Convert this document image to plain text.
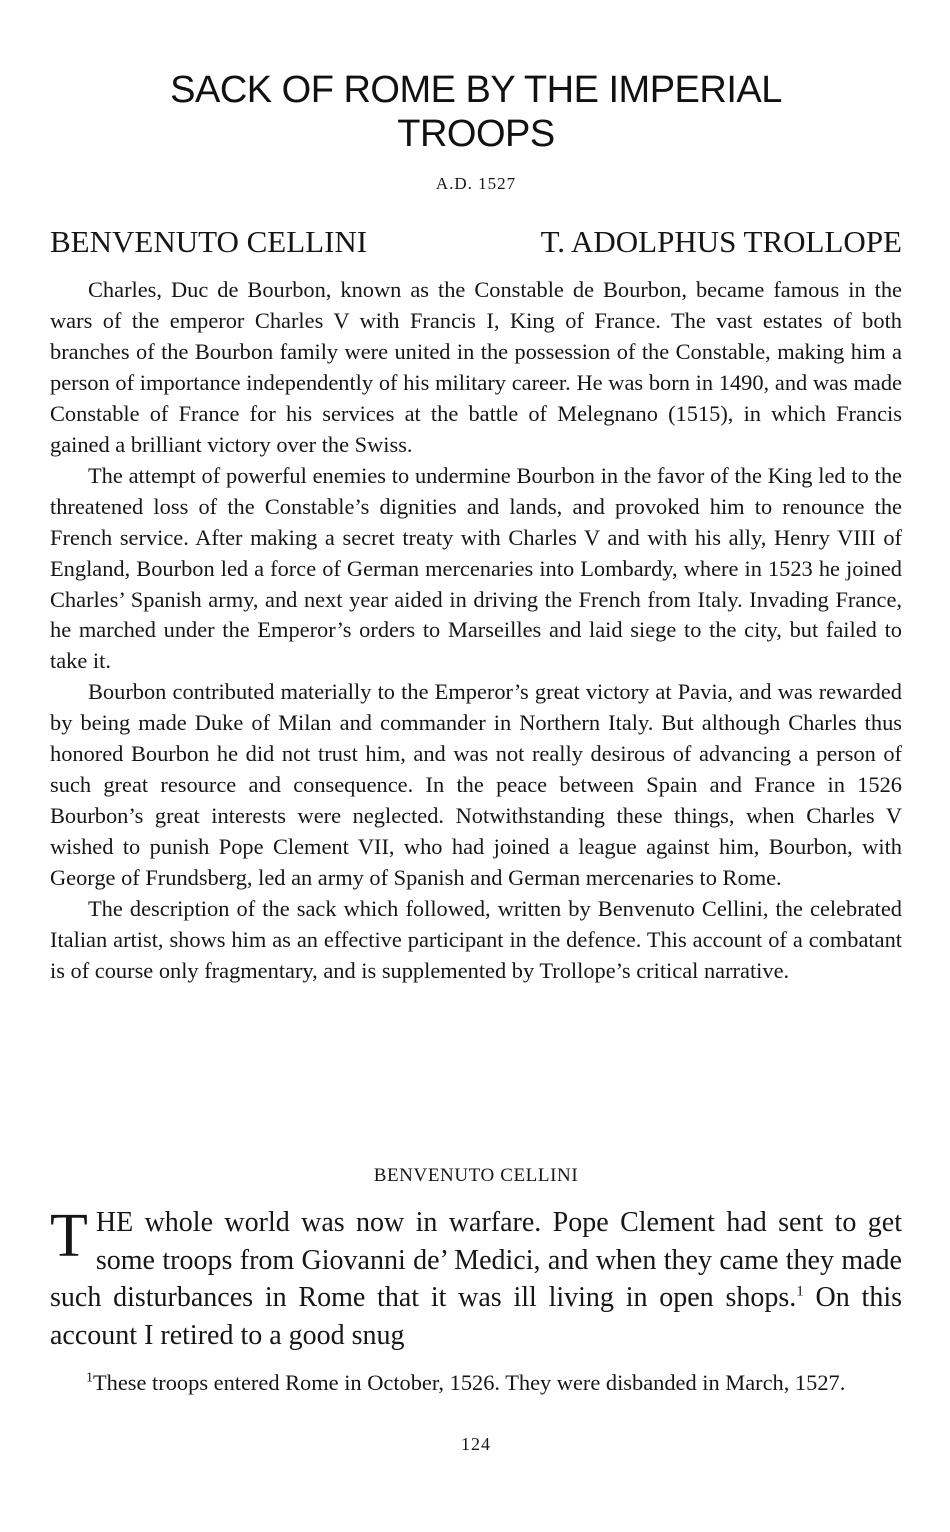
SACK OF ROME BY THE IMPERIAL
TROOPS
A.D. 1527
BENVENUTO CELLINI	T. ADOLPHUS TROLLOPE

Charles, Duc de Bourbon, known as the Constable de Bourbon, became famous in the wars of the emperor Charles V with Francis I, King of France. The vast estates of both branches of the Bourbon family were united in the possession of the Constable, making him a person of importance independently of his military career. He was born in 1490, and was made Constable of France for his services at the battle of Melegnano (1515), in which Francis gained a brilliant victory over the Swiss.

The attempt of powerful enemies to undermine Bourbon in the favor of the King led to the threatened loss of the Constable’s dignities and lands, and provoked him to renounce the French service. After making a secret treaty with Charles V and with his ally, Henry VIII of England, Bourbon led a force of German mercenaries into Lombardy, where in 1523 he joined Charles’ Spanish army, and next year aided in driving the French from Italy. Invading France, he marched under the Emperor’s orders to Marseilles and laid siege to the city, but failed to take it.

Bourbon contributed materially to the Emperor’s great victory at Pavia, and was rewarded by being made Duke of Milan and commander in Northern Italy. But although Charles thus honored Bourbon he did not trust him, and was not really desirous of advancing a person of such great resource and consequence. In the peace between Spain and France in 1526 Bourbon’s great interests were neglected. Notwithstanding these things, when Charles V wished to punish Pope Clement VII, who had joined a league against him, Bourbon, with George of Frundsberg, led an army of Spanish and German mercenaries to Rome.

The description of the sack which followed, written by Benvenuto Cellini, the celebrated Italian artist, shows him as an effective participant in the defence. This account of a combatant is of course only fragmentary, and is supplemented by Trollope’s critical narrative.

BENVENUTO CELLINI

THE whole world was now in warfare. Pope Clement had sent to get some troops from Giovanni de’ Medici, and when they came they made such disturbances in Rome that it was ill living in open shops.$^1$ On this account I retired to a good snug

$^1$These troops entered Rome in October, 1526. They were disbanded in March, 1527.

124
